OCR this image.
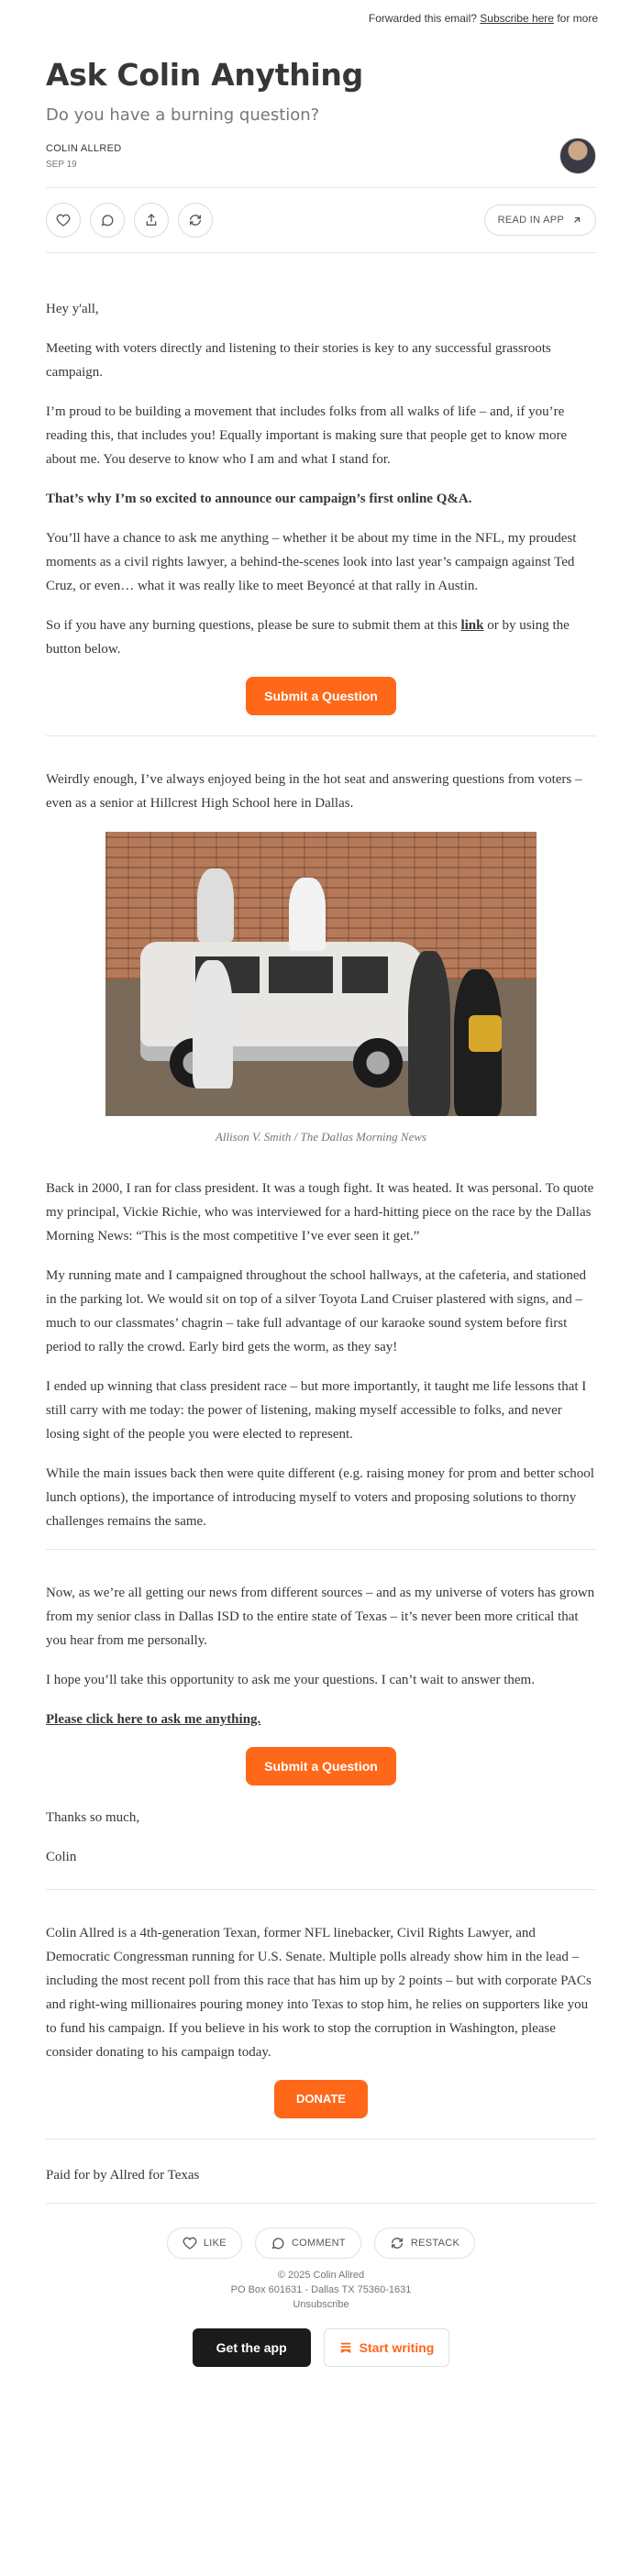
Forwarded this email? Subscribe here for more
Ask Colin Anything
Do you have a burning question?
COLIN ALLRED
SEP 19
READ IN APP

Hey y'all,

Meeting with voters directly and listening to their stories is key to any successful grassroots campaign.

I’m proud to be building a movement that includes folks from all walks of life – and, if you’re reading this, that includes you! Equally important is making sure that people get to know more about me. You deserve to know who I am and what I stand for.

That’s why I’m so excited to announce our campaign’s first online Q&A.

You’ll have a chance to ask me anything – whether it be about my time in the NFL, my proudest moments as a civil rights lawyer, a behind-the-scenes look into last year’s campaign against Ted Cruz, or even… what it was really like to meet Beyoncé at that rally in Austin.

So if you have any burning questions, please be sure to submit them at this link or by using the button below.

Submit a Question

Weirdly enough, I’ve always enjoyed being in the hot seat and answering questions from voters – even as a senior at Hillcrest High School here in Dallas.

Allison V. Smith / The Dallas Morning News

Back in 2000, I ran for class president. It was a tough fight. It was heated. It was personal. To quote my principal, Vickie Richie, who was interviewed for a hard-hitting piece on the race by the Dallas Morning News: “This is the most competitive I’ve ever seen it get.”

My running mate and I campaigned throughout the school hallways, at the cafeteria, and stationed in the parking lot. We would sit on top of a silver Toyota Land Cruiser plastered with signs, and – much to our classmates’ chagrin – take full advantage of our karaoke sound system before first period to rally the crowd. Early bird gets the worm, as they say!

I ended up winning that class president race – but more importantly, it taught me life lessons that I still carry with me today: the power of listening, making myself accessible to folks, and never losing sight of the people you were elected to represent.

While the main issues back then were quite different (e.g. raising money for prom and better school lunch options), the importance of introducing myself to voters and proposing solutions to thorny challenges remains the same.

Now, as we’re all getting our news from different sources – and as my universe of voters has grown from my senior class in Dallas ISD to the entire state of Texas – it’s never been more critical that you hear from me personally.

I hope you’ll take this opportunity to ask me your questions. I can’t wait to answer them.

Please click here to ask me anything.

Submit a Question

Thanks so much,

Colin

Colin Allred is a 4th-generation Texan, former NFL linebacker, Civil Rights Lawyer, and Democratic Congressman running for U.S. Senate. Multiple polls already show him in the lead – including the most recent poll from this race that has him up by 2 points – but with corporate PACs and right-wing millionaires pouring money into Texas to stop him, he relies on supporters like you to fund his campaign. If you believe in his work to stop the corruption in Washington, please consider donating to his campaign today.

DONATE

Paid for by Allred for Texas

LIKE	COMMENT	RESTACK
© 2025 Colin Allred
PO Box 601631 - Dallas TX 75360-1631
Unsubscribe
Get the app	Start writing
